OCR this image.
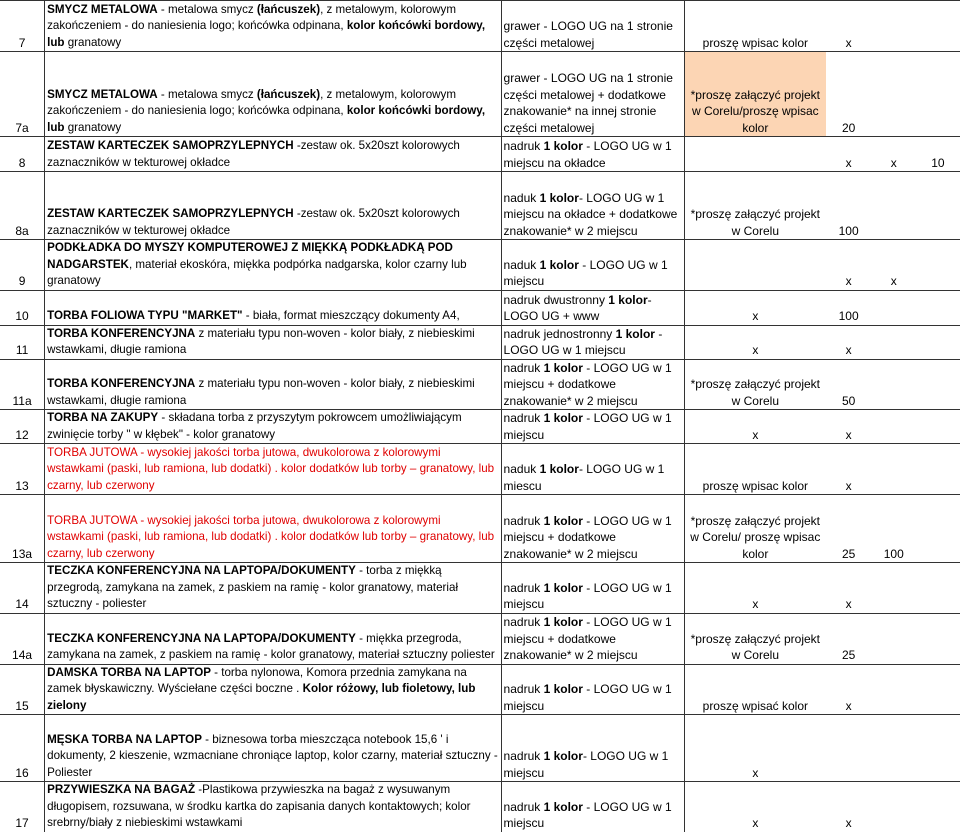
7	SMYCZ METALOWA - metalowa smycz (łańcuszek), z metalowym, kolorowym zakończeniem - do naniesienia logo; końcówka odpinana, kolor końcówki bordowy, lub granatowy	grawer - LOGO UG na 1 stronie części metalowej	proszę wpisac kolor	x		
7a	SMYCZ METALOWA - metalowa smycz (łańcuszek), z metalowym, kolorowym zakończeniem - do naniesienia logo; końcówka odpinana, kolor końcówki bordowy, lub granatowy	grawer - LOGO UG na 1 stronie części metalowej + dodatkowe znakowanie* na innej stronie części metalowej	*proszę załączyć projekt w Corelu/proszę wpisac kolor	20		
8	ZESTAW KARTECZEK SAMOPRZYLEPNYCH -zestaw ok. 5x20szt kolorowych zaznaczników w tekturowej okładce	nadruk 1 kolor - LOGO UG w 1 miejscu na okładce		x	x	10
8a	ZESTAW KARTECZEK SAMOPRZYLEPNYCH -zestaw ok. 5x20szt kolorowych zaznaczników w tekturowej okładce	naduk 1 kolor- LOGO UG w 1 miejscu na okładce + dodatkowe znakowanie* w 2 miejscu	*proszę załączyć projekt w Corelu	100		
9	PODKŁADKA DO MYSZY KOMPUTEROWEJ Z MIĘKKĄ PODKŁADKĄ POD NADGARSTEK, materiał ekoskóra, miękka podpórka nadgarska, kolor czarny lub granatowy	naduk 1 kolor - LOGO UG w 1 miejscu		x	x	
10	TORBA FOLIOWA TYPU "MARKET" - biała, format mieszczący dokumenty A4,	nadruk dwustronny 1 kolor- LOGO UG + www	x	100		
11	TORBA KONFERENCYJNA z materiału typu non-woven - kolor biały, z niebieskimi wstawkami, długie ramiona	nadruk jednostronny 1 kolor - LOGO UG w 1 miejscu	x	x		
11a	TORBA KONFERENCYJNA z materiału typu non-woven - kolor biały, z niebieskimi wstawkami, długie ramiona	nadruk 1 kolor - LOGO UG w 1 miejscu + dodatkowe znakowanie* w 2 miejscu	*proszę załączyć projekt w Corelu	50		
12	TORBA NA ZAKUPY - składana torba z przyszytym pokrowcem umożliwiającym zwinięcie torby " w kłębek" - kolor granatowy	nadruk 1 kolor - LOGO UG w 1 miejscu	x	x		
13	TORBA JUTOWA - wysokiej jakości torba jutowa, dwukolorowa z kolorowymi wstawkami (paski, lub ramiona, lub dodatki) . kolor dodatków lub torby – granatowy, lub czarny, lub czerwony	naduk 1 kolor- LOGO UG w 1 miescu	proszę wpisac kolor	x		
13a	TORBA JUTOWA - wysokiej jakości torba jutowa, dwukolorowa z kolorowymi wstawkami (paski, lub ramiona, lub dodatki) . kolor dodatków lub torby – granatowy, lub czarny, lub czerwony	nadruk 1 kolor - LOGO UG w 1 miejscu + dodatkowe znakowanie* w 2 miejscu	*proszę załączyć projekt w Corelu/ proszę wpisac kolor	25	100	
14	TECZKA KONFERENCYJNA NA LAPTOPA/DOKUMENTY - torba z miękką przegrodą, zamykana na zamek, z paskiem na ramię - kolor granatowy, materiał sztuczny - poliester	nadruk 1 kolor - LOGO UG w 1 miejscu	x	x		
14a	TECZKA KONFERENCYJNA NA LAPTOPA/DOKUMENTY - miękka przegroda, zamykana na zamek, z paskiem na ramię - kolor granatowy, materiał sztuczny poliester	nadruk 1 kolor - LOGO UG w 1 miejscu + dodatkowe znakowanie* w 2 miejscu	*proszę załączyć projekt w Corelu	25		
15	DAMSKA TORBA NA LAPTOP - torba nylonowa, Komora przednia zamykana na zamek błyskawiczny. Wyściełane części boczne . Kolor różowy, lub fioletowy, lub zielony	nadruk 1 kolor - LOGO UG w 1 miejscu	proszę wpisać kolor	x		
16	MĘSKA TORBA NA LAPTOP - biznesowa torba mieszcząca notebook 15,6 ' i dokumenty, 2 kieszenie, wzmacniane chroniące laptop, kolor czarny, materiał sztuczny - Poliester	nadruk 1 kolor- LOGO UG w 1 miejscu	x			
17	PRZYWIESZKA NA BAGAŻ -Plastikowa przywieszka na bagaż z wysuwanym długopisem, rozsuwana, w środku kartka do zapisania danych kontaktowych; kolor srebrny/biały z niebieskimi wstawkami	nadruk 1 kolor - LOGO UG w 1 miejscu	x	x		
